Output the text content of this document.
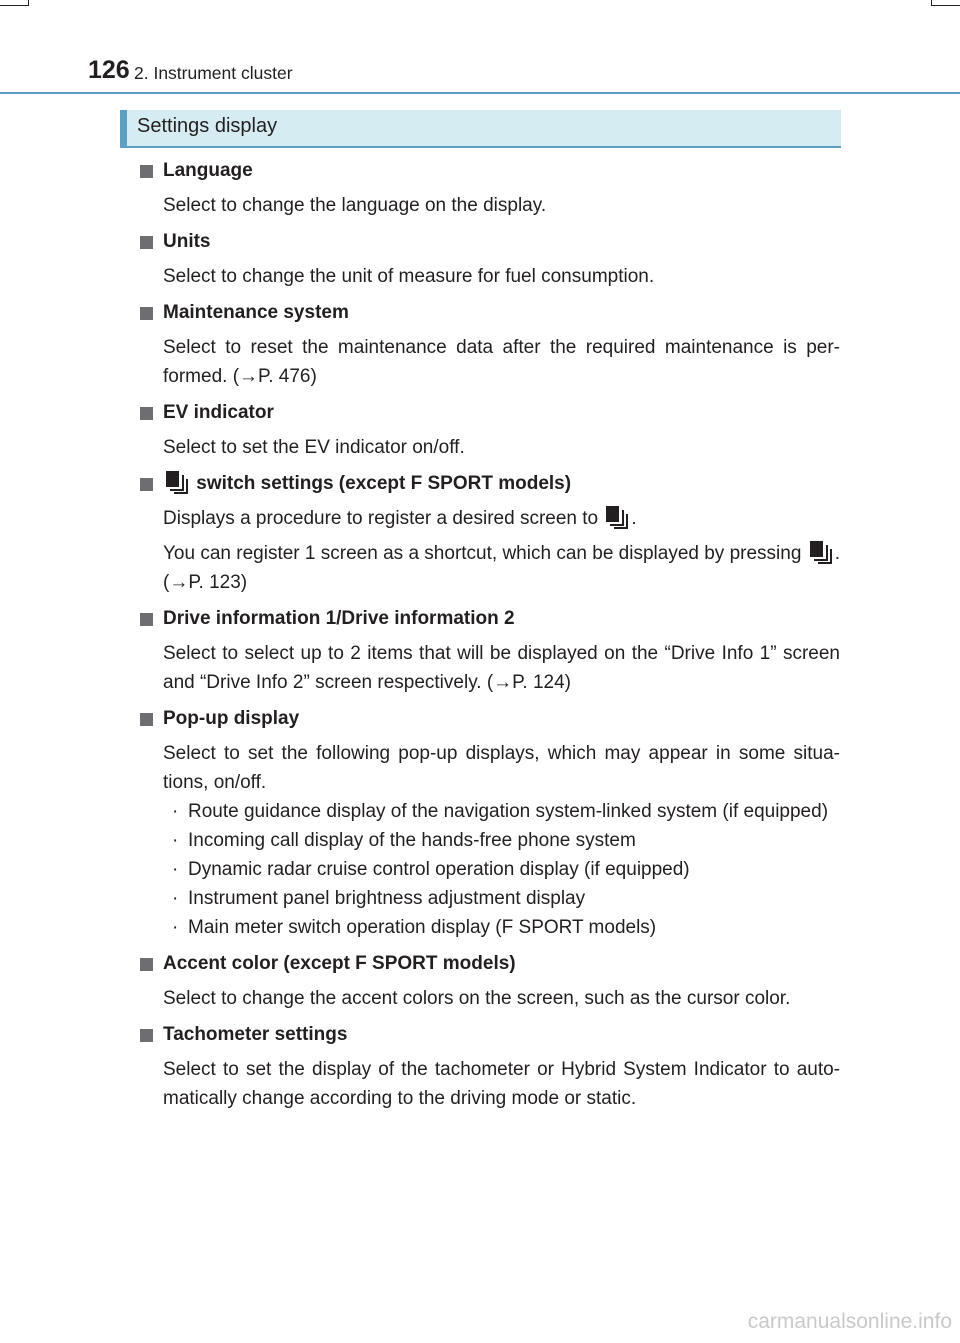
126 2. Instrument cluster
Settings display
Language
Select to change the language on the display.
Units
Select to change the unit of measure for fuel consumption.
Maintenance system
Select to reset the maintenance data after the required maintenance is per-formed. (→P. 476)
EV indicator
Select to set the EV indicator on/off.
switch settings (except F SPORT models)
Displays a procedure to register a desired screen to .
You can register 1 screen as a shortcut, which can be displayed by pressing . (→P. 123)
Drive information 1/Drive information 2
Select to select up to 2 items that will be displayed on the “Drive Info 1” screen and “Drive Info 2” screen respectively. (→P. 124)
Pop-up display
Select to set the following pop-up displays, which may appear in some situa-tions, on/off.
· Route guidance display of the navigation system-linked system (if equipped)
· Incoming call display of the hands-free phone system
· Dynamic radar cruise control operation display (if equipped)
· Instrument panel brightness adjustment display
· Main meter switch operation display (F SPORT models)
Accent color (except F SPORT models)
Select to change the accent colors on the screen, such as the cursor color.
Tachometer settings
Select to set the display of the tachometer or Hybrid System Indicator to auto-matically change according to the driving mode or static.
carmanualsonline.info
